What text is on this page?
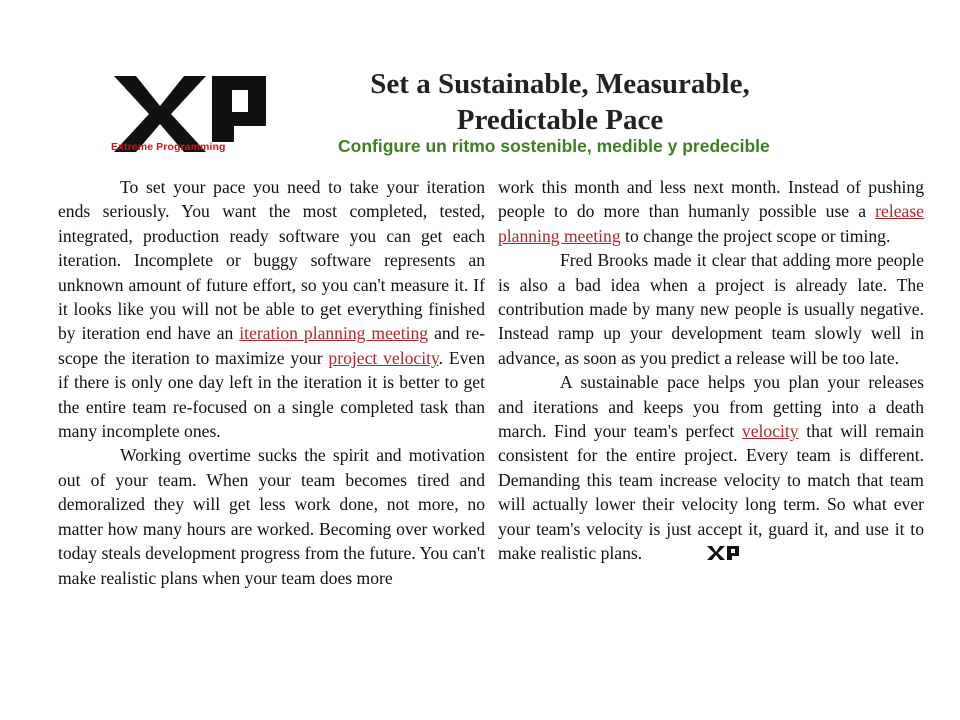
Extreme Programming
Set a Sustainable, Measurable,
Predictable Pace
Configure un ritmo sostenible, medible y predecible

To set your pace you need to take your iteration ends seriously. You want the most completed, tested, integrated, production ready software you can get each iteration. Incomplete or buggy software represents an unknown amount of future effort, so you can't measure it. If it looks like you will not be able to get everything finished by iteration end have an iteration planning meeting and re-scope the iteration to maximize your project velocity. Even if there is only one day left in the iteration it is better to get the entire team re-focused on a single completed task than many incomplete ones.

Working overtime sucks the spirit and motivation out of your team. When your team becomes tired and demoralized they will get less work done, not more, no matter how many hours are worked. Becoming over worked today steals development progress from the future. You can't make realistic plans when your team does more

work this month and less next month. Instead of pushing people to do more than humanly possible use a release planning meeting to change the project scope or timing.

Fred Brooks made it clear that adding more people is also a bad idea when a project is already late. The contribution made by many new people is usually negative. Instead ramp up your development team slowly well in advance, as soon as you predict a release will be too late.

A sustainable pace helps you plan your releases and iterations and keeps you from getting into a death march. Find your team's perfect velocity that will remain consistent for the entire project. Every team is different. Demanding this team increase velocity to match that team will actually lower their velocity long term. So what ever your team's velocity is just accept it, guard it, and use it to make realistic plans.
